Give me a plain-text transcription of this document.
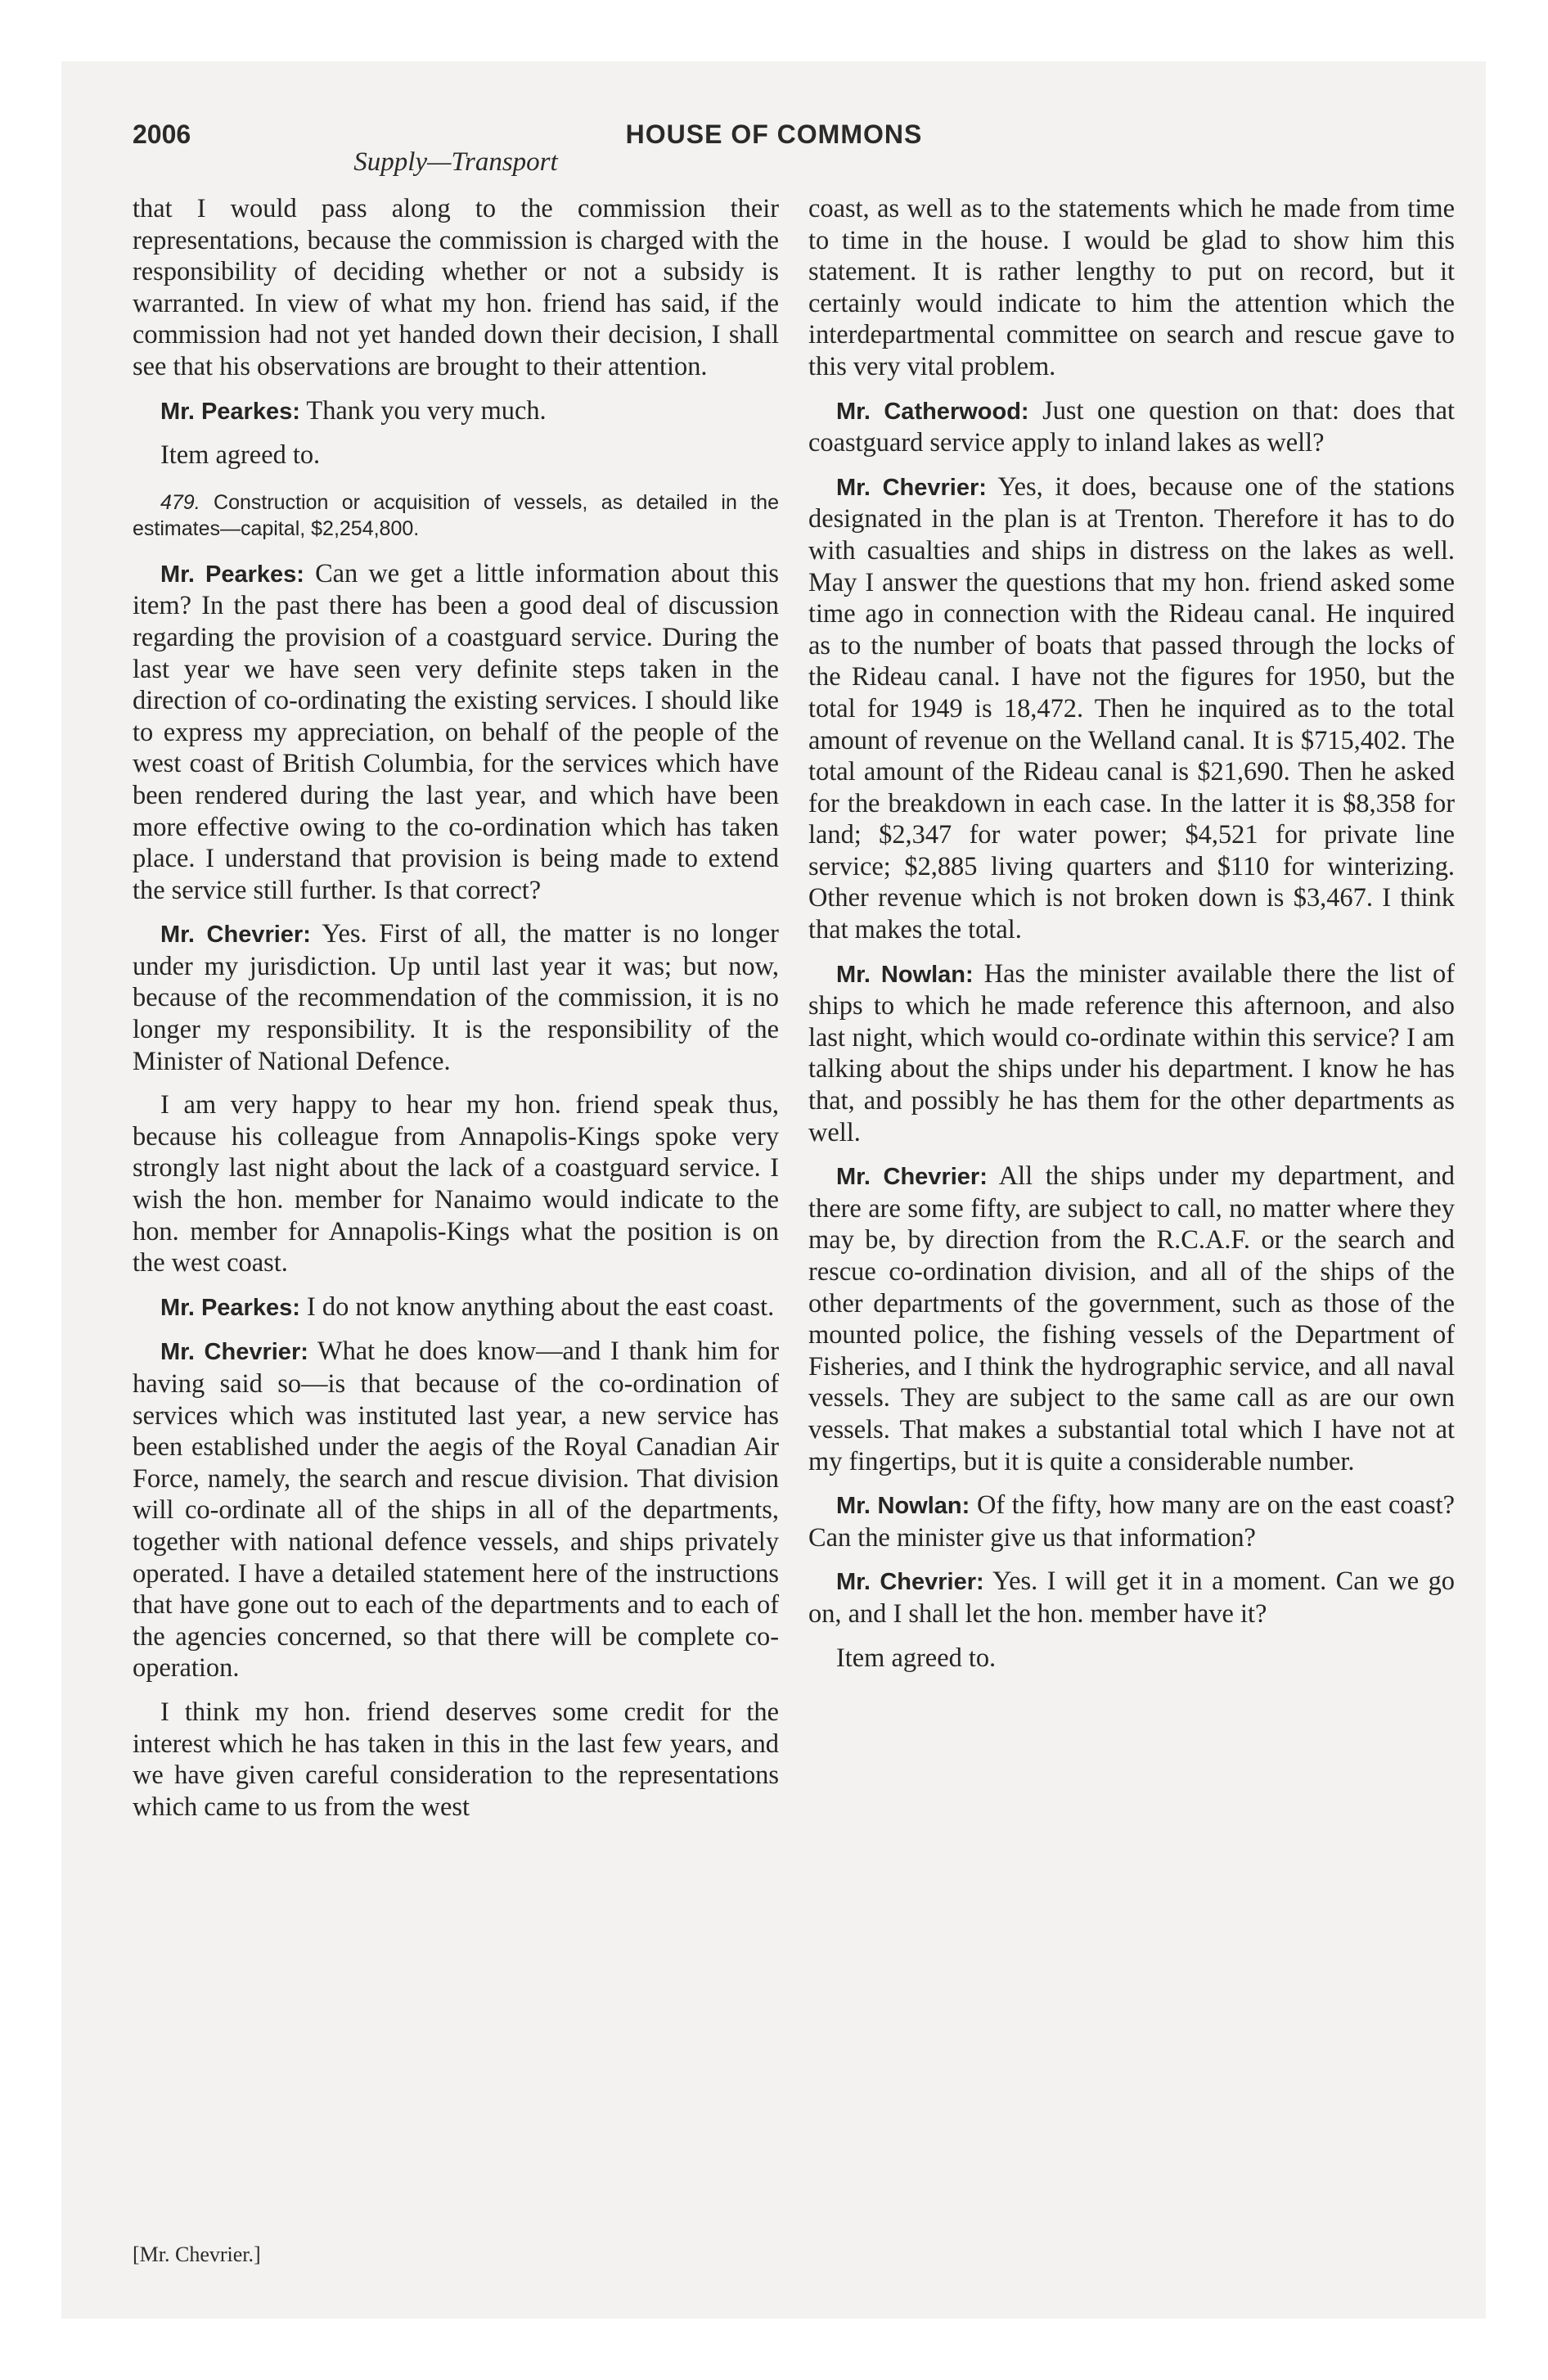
2006	HOUSE OF COMMONS
Supply—Transport

that I would pass along to the commission their representations, because the commission is charged with the responsibility of deciding whether or not a subsidy is warranted. In view of what my hon. friend has said, if the commission had not yet handed down their decision, I shall see that his observations are brought to their attention.

Mr. Pearkes: Thank you very much.

Item agreed to.

479. Construction or acquisition of vessels, as detailed in the estimates—capital, $2,254,800.

Mr. Pearkes: Can we get a little information about this item? In the past there has been a good deal of discussion regarding the provision of a coastguard service. During the last year we have seen very definite steps taken in the direction of co-ordinating the existing services. I should like to express my appreciation, on behalf of the people of the west coast of British Columbia, for the services which have been rendered during the last year, and which have been more effective owing to the co-ordination which has taken place. I understand that provision is being made to extend the service still further. Is that correct?

Mr. Chevrier: Yes. First of all, the matter is no longer under my jurisdiction. Up until last year it was; but now, because of the recommendation of the commission, it is no longer my responsibility. It is the responsibility of the Minister of National Defence.

I am very happy to hear my hon. friend speak thus, because his colleague from Annapolis-Kings spoke very strongly last night about the lack of a coastguard service. I wish the hon. member for Nanaimo would indicate to the hon. member for Annapolis-Kings what the position is on the west coast.

Mr. Pearkes: I do not know anything about the east coast.

Mr. Chevrier: What he does know—and I thank him for having said so—is that because of the co-ordination of services which was instituted last year, a new service has been established under the aegis of the Royal Canadian Air Force, namely, the search and rescue division. That division will co-ordinate all of the ships in all of the departments, together with national defence vessels, and ships privately operated. I have a detailed statement here of the instructions that have gone out to each of the departments and to each of the agencies concerned, so that there will be complete co-operation.

I think my hon. friend deserves some credit for the interest which he has taken in this in the last few years, and we have given careful consideration to the representations which came to us from the west

coast, as well as to the statements which he made from time to time in the house. I would be glad to show him this statement. It is rather lengthy to put on record, but it certainly would indicate to him the attention which the interdepartmental committee on search and rescue gave to this very vital problem.

Mr. Catherwood: Just one question on that: does that coastguard service apply to inland lakes as well?

Mr. Chevrier: Yes, it does, because one of the stations designated in the plan is at Trenton. Therefore it has to do with casualties and ships in distress on the lakes as well. May I answer the questions that my hon. friend asked some time ago in connection with the Rideau canal. He inquired as to the number of boats that passed through the locks of the Rideau canal. I have not the figures for 1950, but the total for 1949 is 18,472. Then he inquired as to the total amount of revenue on the Welland canal. It is $715,402. The total amount of the Rideau canal is $21,690. Then he asked for the breakdown in each case. In the latter it is $8,358 for land; $2,347 for water power; $4,521 for private line service; $2,885 living quarters and $110 for winterizing. Other revenue which is not broken down is $3,467. I think that makes the total.

Mr. Nowlan: Has the minister available there the list of ships to which he made reference this afternoon, and also last night, which would co-ordinate within this service? I am talking about the ships under his department. I know he has that, and possibly he has them for the other departments as well.

Mr. Chevrier: All the ships under my department, and there are some fifty, are subject to call, no matter where they may be, by direction from the R.C.A.F. or the search and rescue co-ordination division, and all of the ships of the other departments of the government, such as those of the mounted police, the fishing vessels of the Department of Fisheries, and I think the hydrographic service, and all naval vessels. They are subject to the same call as are our own vessels. That makes a substantial total which I have not at my fingertips, but it is quite a considerable number.

Mr. Nowlan: Of the fifty, how many are on the east coast? Can the minister give us that information?

Mr. Chevrier: Yes. I will get it in a moment. Can we go on, and I shall let the hon. member have it?

Item agreed to.

[Mr. Chevrier.]
